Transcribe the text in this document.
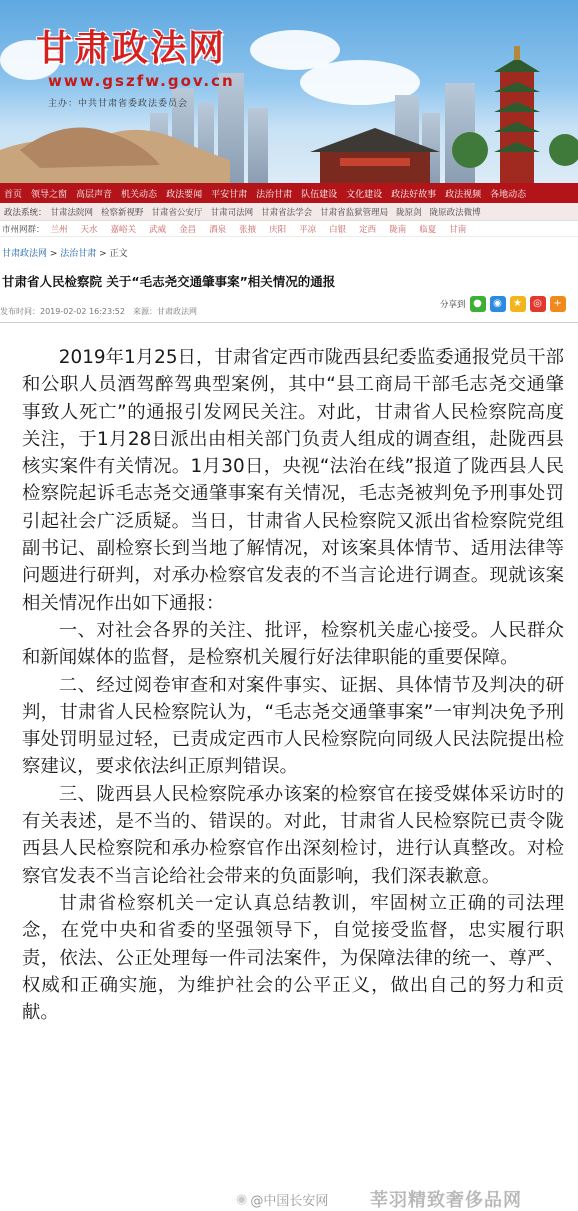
甘肃政法网
www.gszfw.gov.cn
主办：中共甘肃省委政法委员会
首页 领导之窗 高层声音 机关动态 政法要闻 平安甘肃 法治甘肃 队伍建设 文化建设 政法好故事 政法视频 各地动态
政法系统： 甘肃法院网 检察新视野 甘肃省公安厅 甘肃司法网 甘肃省法学会 甘肃省监狱管理局 陇原剑 陇原政法微博
市州网群： 兰州 天水 嘉峪关 武威 金昌 酒泉 张掖 庆阳 平凉 白银 定西 陇南 临夏 甘南
甘肃政法网 > 法治甘肃 > 正文
甘肃省人民检察院 关于“毛志尧交通肇事案”相关情况的通报
发布时间：2019-02-02 16:23:52　来源：甘肃政法网
分享到 ●	◉	★	◎	+

2019年1月25日，甘肃省定西市陇西县纪委监委通报党员干部和公职人员酒驾醉驾典型案例，其中“县工商局干部毛志尧交通肇事致人死亡”的通报引发网民关注。对此，甘肃省人民检察院高度关注，于1月28日派出由相关部门负责人组成的调查组，赴陇西县核实案件有关情况。1月30日，央视“法治在线”报道了陇西县人民检察院起诉毛志尧交通肇事案有关情况，毛志尧被判免予刑事处罚引起社会广泛质疑。当日，甘肃省人民检察院又派出省检察院党组副书记、副检察长到当地了解情况，对该案具体情节、适用法律等问题进行研判，对承办检察官发表的不当言论进行调查。现就该案相关情况作出如下通报：

一、对社会各界的关注、批评，检察机关虚心接受。人民群众和新闻媒体的监督，是检察机关履行好法律职能的重要保障。

二、经过阅卷审查和对案件事实、证据、具体情节及判决的研判，甘肃省人民检察院认为，“毛志尧交通肇事案”一审判决免予刑事处罚明显过轻，已责成定西市人民检察院向同级人民法院提出检察建议，要求依法纠正原判错误。

三、陇西县人民检察院承办该案的检察官在接受媒体采访时的有关表述，是不当的、错误的。对此，甘肃省人民检察院已责令陇西县人民检察院和承办检察官作出深刻检讨，进行认真整改。对检察官发表不当言论给社会带来的负面影响，我们深表歉意。

甘肃省检察机关一定认真总结教训，牢固树立正确的司法理念，在党中央和省委的坚强领导下，自觉接受监督，忠实履行职责，依法、公正处理每一件司法案件，为保障法律的统一、尊严、权威和正确实施，为维护社会的公平正义，做出自己的努力和贡献。

◉ @中国长安网 莘羽精致奢侈品网
